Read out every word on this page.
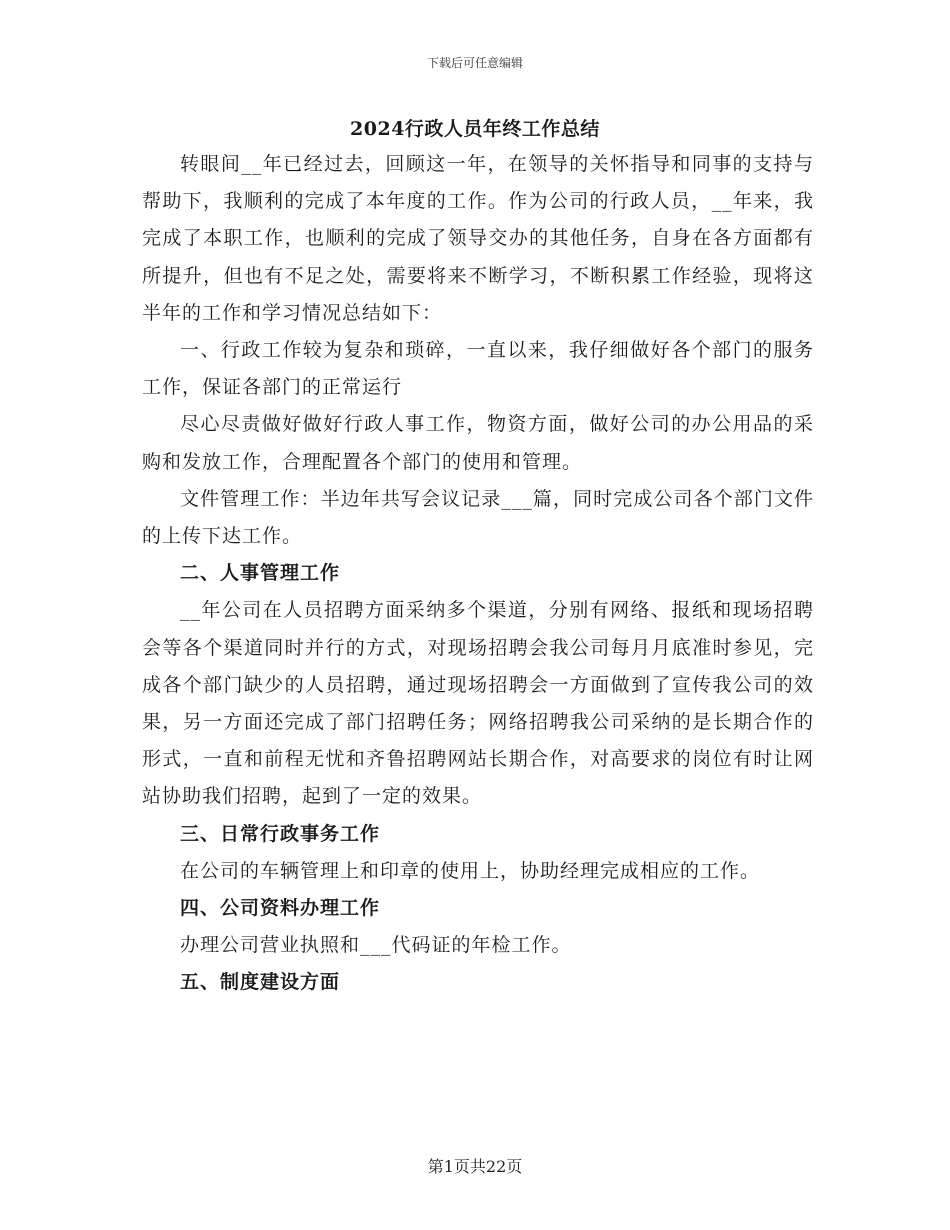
下载后可任意编辑
2024行政人员年终工作总结

转眼间__年已经过去，回顾这一年，在领导的关怀指导和同事的支持与帮助下，我顺利的完成了本年度的工作。作为公司的行政人员，__年来，我完成了本职工作，也顺利的完成了领导交办的其他任务，自身在各方面都有所提升，但也有不足之处，需要将来不断学习，不断积累工作经验，现将这半年的工作和学习情况总结如下：

一、行政工作较为复杂和琐碎，一直以来，我仔细做好各个部门的服务工作，保证各部门的正常运行

尽心尽责做好做好行政人事工作，物资方面，做好公司的办公用品的采购和发放工作，合理配置各个部门的使用和管理。

文件管理工作：半边年共写会议记录___篇，同时完成公司各个部门文件的上传下达工作。

二、人事管理工作

__年公司在人员招聘方面采纳多个渠道，分别有网络、报纸和现场招聘会等各个渠道同时并行的方式，对现场招聘会我公司每月月底准时参见，完成各个部门缺少的人员招聘，通过现场招聘会一方面做到了宣传我公司的效果，另一方面还完成了部门招聘任务；网络招聘我公司采纳的是长期合作的形式，一直和前程无忧和齐鲁招聘网站长期合作，对高要求的岗位有时让网站协助我们招聘，起到了一定的效果。

三、日常行政事务工作

在公司的车辆管理上和印章的使用上，协助经理完成相应的工作。

四、公司资料办理工作

办理公司营业执照和___代码证的年检工作。

五、制度建设方面
第1页共22页
